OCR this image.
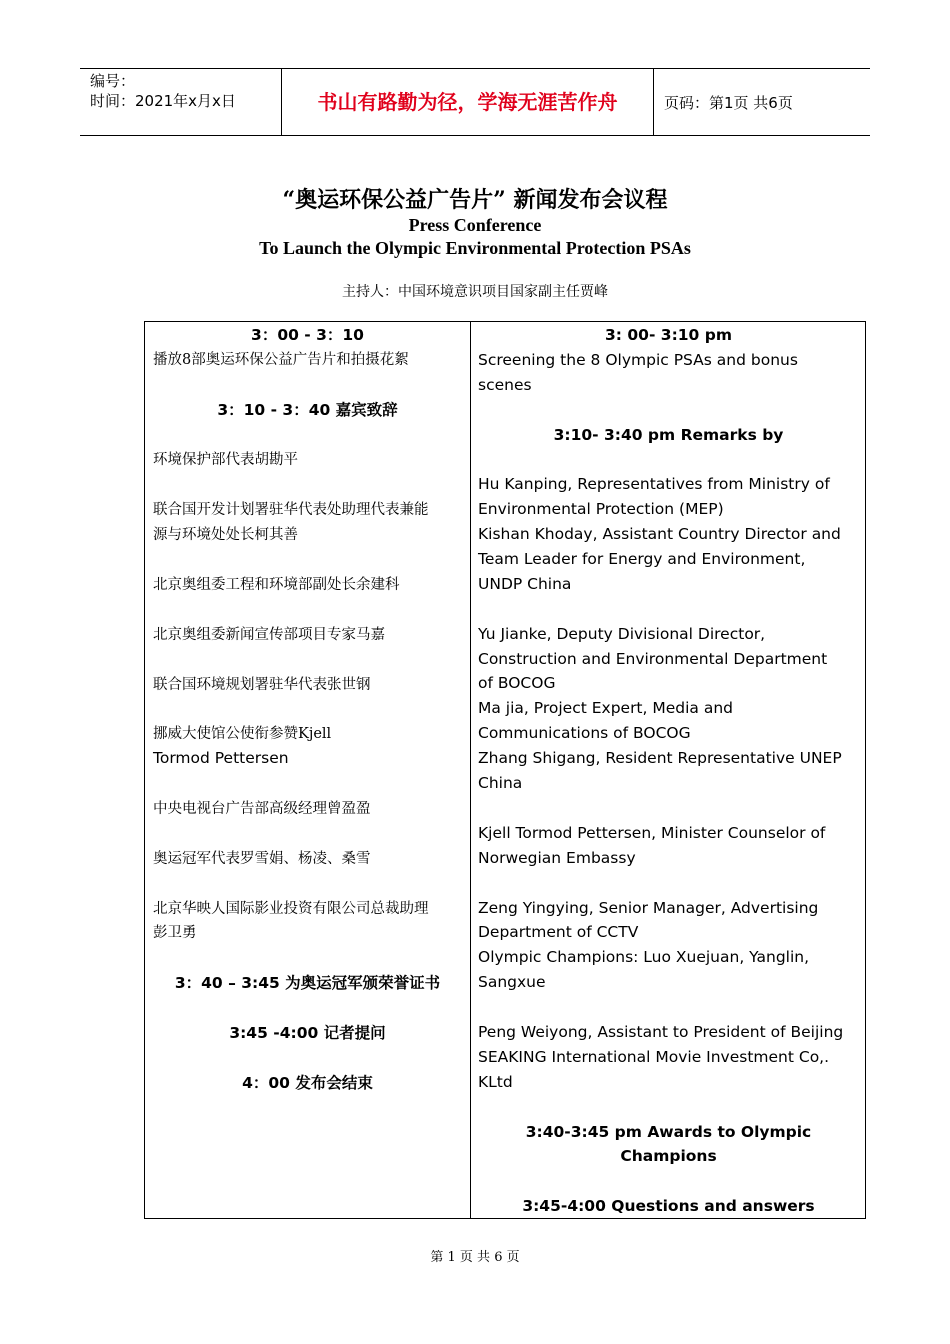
编号：
时间：2021年x月x日	书山有路勤为径，学海无涯苦作舟	页码：第1页 共6页
“奥运环保公益广告片” 新闻发布会议程
Press Conference
To Launch the Olympic Environmental Protection PSAs
主持人：中国环境意识项目国家副主任贾峰
3：00 - 3：10
播放8部奥运环保公益广告片和拍摄花絮
3：10 - 3：40 嘉宾致辞
环境保护部代表胡勘平
联合国开发计划署驻华代表处助理代表兼能
源与环境处处长柯其善
北京奥组委工程和环境部副处长余建科
北京奥组委新闻宣传部项目专家马嘉
联合国环境规划署驻华代表张世钢
挪威大使馆公使衔参赞Kjell
Tormod Pettersen
中央电视台广告部高级经理曾盈盈
奥运冠军代表罗雪娟、杨凌、桑雪
北京华映人国际影业投资有限公司总裁助理
彭卫勇
3：40 – 3:45 为奥运冠军颁荣誉证书
3:45 -4:00 记者提问
4：00 发布会结束
3: 00- 3:10 pm
Screening the 8 Olympic PSAs and bonus
scenes
3:10- 3:40 pm Remarks by
Hu Kanping, Representatives from Ministry of
Environmental Protection (MEP)
Kishan Khoday, Assistant Country Director and
Team Leader for Energy and Environment,
UNDP China
Yu Jianke, Deputy Divisional Director,
Construction and Environmental Department
of BOCOG
Ma jia, Project Expert, Media and
Communications of BOCOG
Zhang Shigang, Resident Representative UNEP
China
Kjell Tormod Pettersen, Minister Counselor of
Norwegian Embassy
Zeng Yingying, Senior Manager, Advertising
Department of CCTV
Olympic Champions: Luo Xuejuan, Yanglin,
Sangxue
Peng Weiyong, Assistant to President of Beijing
SEAKING International Movie Investment Co,.
KLtd
3:40-3:45 pm Awards to Olympic
Champions
3:45-4:00 Questions and answers
第 1 页 共 6 页
